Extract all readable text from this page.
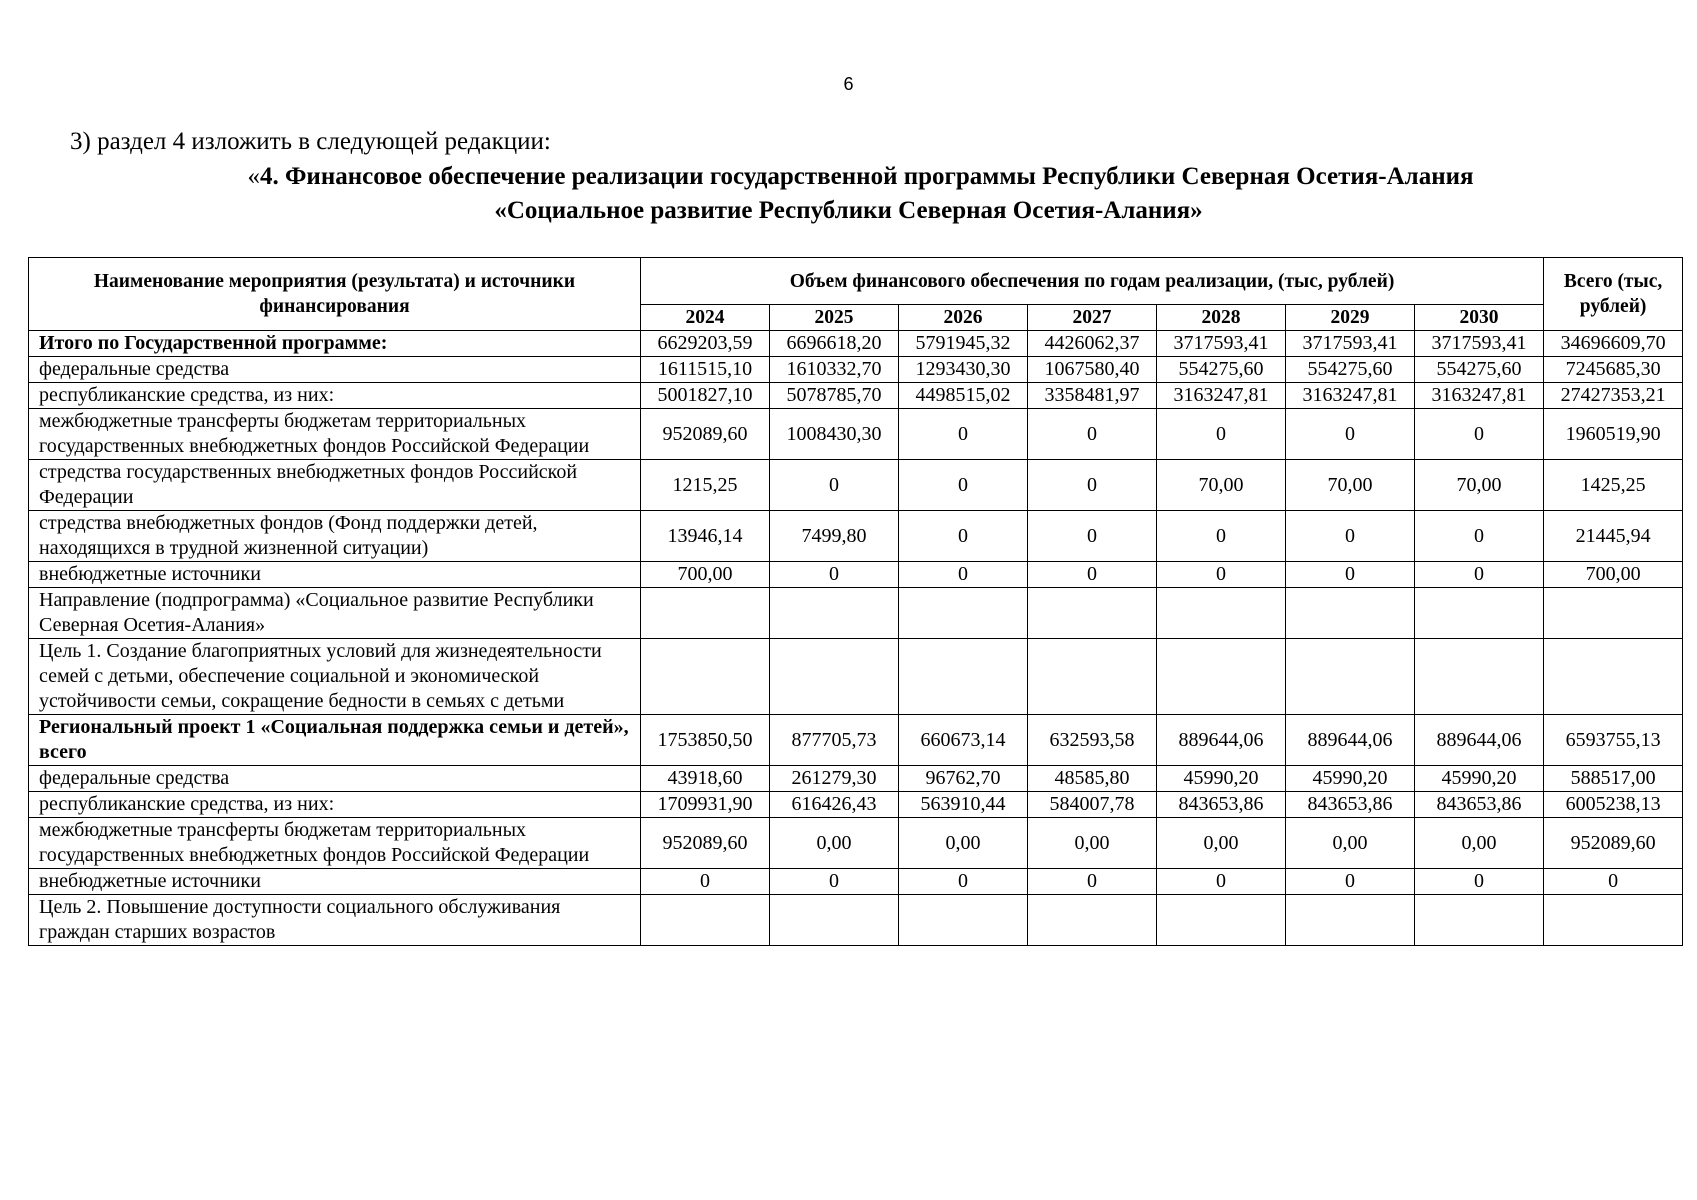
6
3) раздел 4 изложить в следующей редакции:
«4. Финансовое обеспечение реализации государственной программы Республики Северная Осетия-Алания
«Социальное развитие Республики Северная Осетия-Алания»
Наименование мероприятия (результата) и источники финансирования	Объем финансового обеспечения по годам реализации, (тыс, рублей)							Всего (тыс, рублей)
	2024	2025	2026	2027	2028	2029	2030	
Итого по Государственной программе:	6629203,59	6696618,20	5791945,32	4426062,37	3717593,41	3717593,41	3717593,41	34696609,70
федеральные средства	1611515,10	1610332,70	1293430,30	1067580,40	554275,60	554275,60	554275,60	7245685,30
республиканские средства, из них:	5001827,10	5078785,70	4498515,02	3358481,97	3163247,81	3163247,81	3163247,81	27427353,21
межбюджетные трансферты бюджетам территориальных государственных внебюджетных фондов Российской Федерации	952089,60	1008430,30	0	0	0	0	0	1960519,90
стредства государственных внебюджетных фондов Российской Федерации	1215,25	0	0	0	70,00	70,00	70,00	1425,25
стредства внебюджетных фондов (Фонд поддержки детей, находящихся в трудной жизненной ситуации)	13946,14	7499,80	0	0	0	0	0	21445,94
внебюджетные источники	700,00	0	0	0	0	0	0	700,00
Направление (подпрограмма) «Социальное развитие Республики Северная Осетия-Алания»								
Цель 1. Создание благоприятных условий для жизнедеятельности семей с детьми, обеспечение социальной и экономической устойчивости семьи, сокращение бедности в семьях с детьми								
Региональный проект 1 «Социальная поддержка семьи и детей», всего	1753850,50	877705,73	660673,14	632593,58	889644,06	889644,06	889644,06	6593755,13
федеральные средства	43918,60	261279,30	96762,70	48585,80	45990,20	45990,20	45990,20	588517,00
республиканские средства, из них:	1709931,90	616426,43	563910,44	584007,78	843653,86	843653,86	843653,86	6005238,13
межбюджетные трансферты бюджетам территориальных государственных внебюджетных фондов Российской Федерации	952089,60	0,00	0,00	0,00	0,00	0,00	0,00	952089,60
внебюджетные источники	0	0	0	0	0	0	0	0
Цель 2. Повышение доступности социального обслуживания граждан старших возрастов								
